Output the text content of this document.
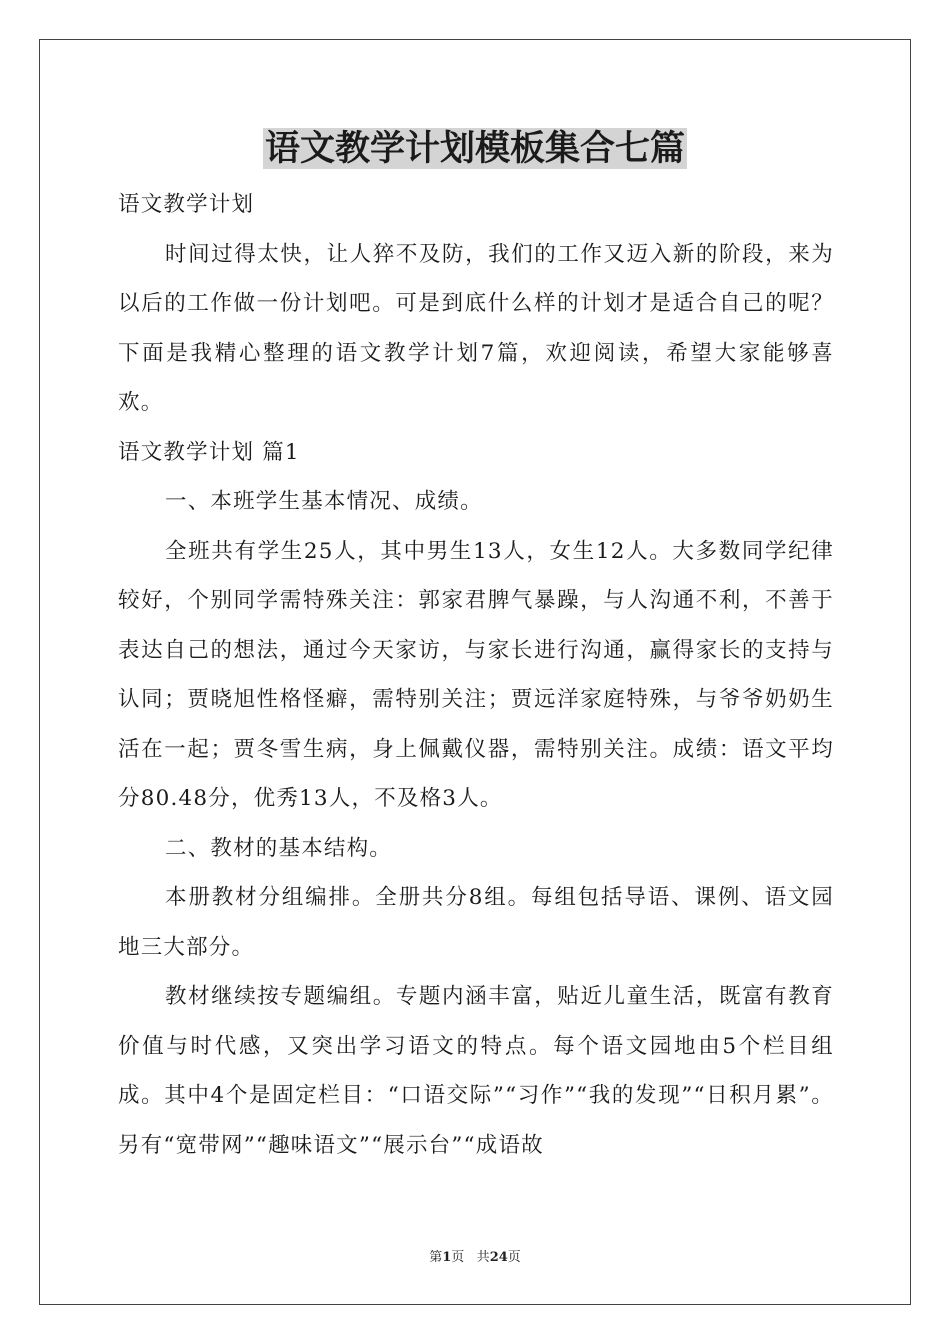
语文教学计划模板集合七篇

语文教学计划

时间过得太快，让人猝不及防，我们的工作又迈入新的阶段，来为以后的工作做一份计划吧。可是到底什么样的计划才是适合自己的呢？下面是我精心整理的语文教学计划7篇，欢迎阅读，希望大家能够喜欢。

语文教学计划 篇1

一、本班学生基本情况、成绩。

全班共有学生25人，其中男生13人，女生12人。大多数同学纪律较好，个别同学需特殊关注：郭家君脾气暴躁，与人沟通不利，不善于表达自己的想法，通过今天家访，与家长进行沟通，赢得家长的支持与认同；贾晓旭性格怪癖，需特别关注；贾远洋家庭特殊，与爷爷奶奶生活在一起；贾冬雪生病，身上佩戴仪器，需特别关注。成绩：语文平均分80.48分，优秀13人，不及格3人。

二、教材的基本结构。

本册教材分组编排。全册共分8组。每组包括导语、课例、语文园地三大部分。

教材继续按专题编组。专题内涵丰富，贴近儿童生活，既富有教育价值与时代感，又突出学习语文的特点。每个语文园地由5个栏目组成。其中4个是固定栏目：“口语交际”“习作”“我的发现”“日积月累”。另有“宽带网”“趣味语文”“展示台”“成语故

第1页 共24页
